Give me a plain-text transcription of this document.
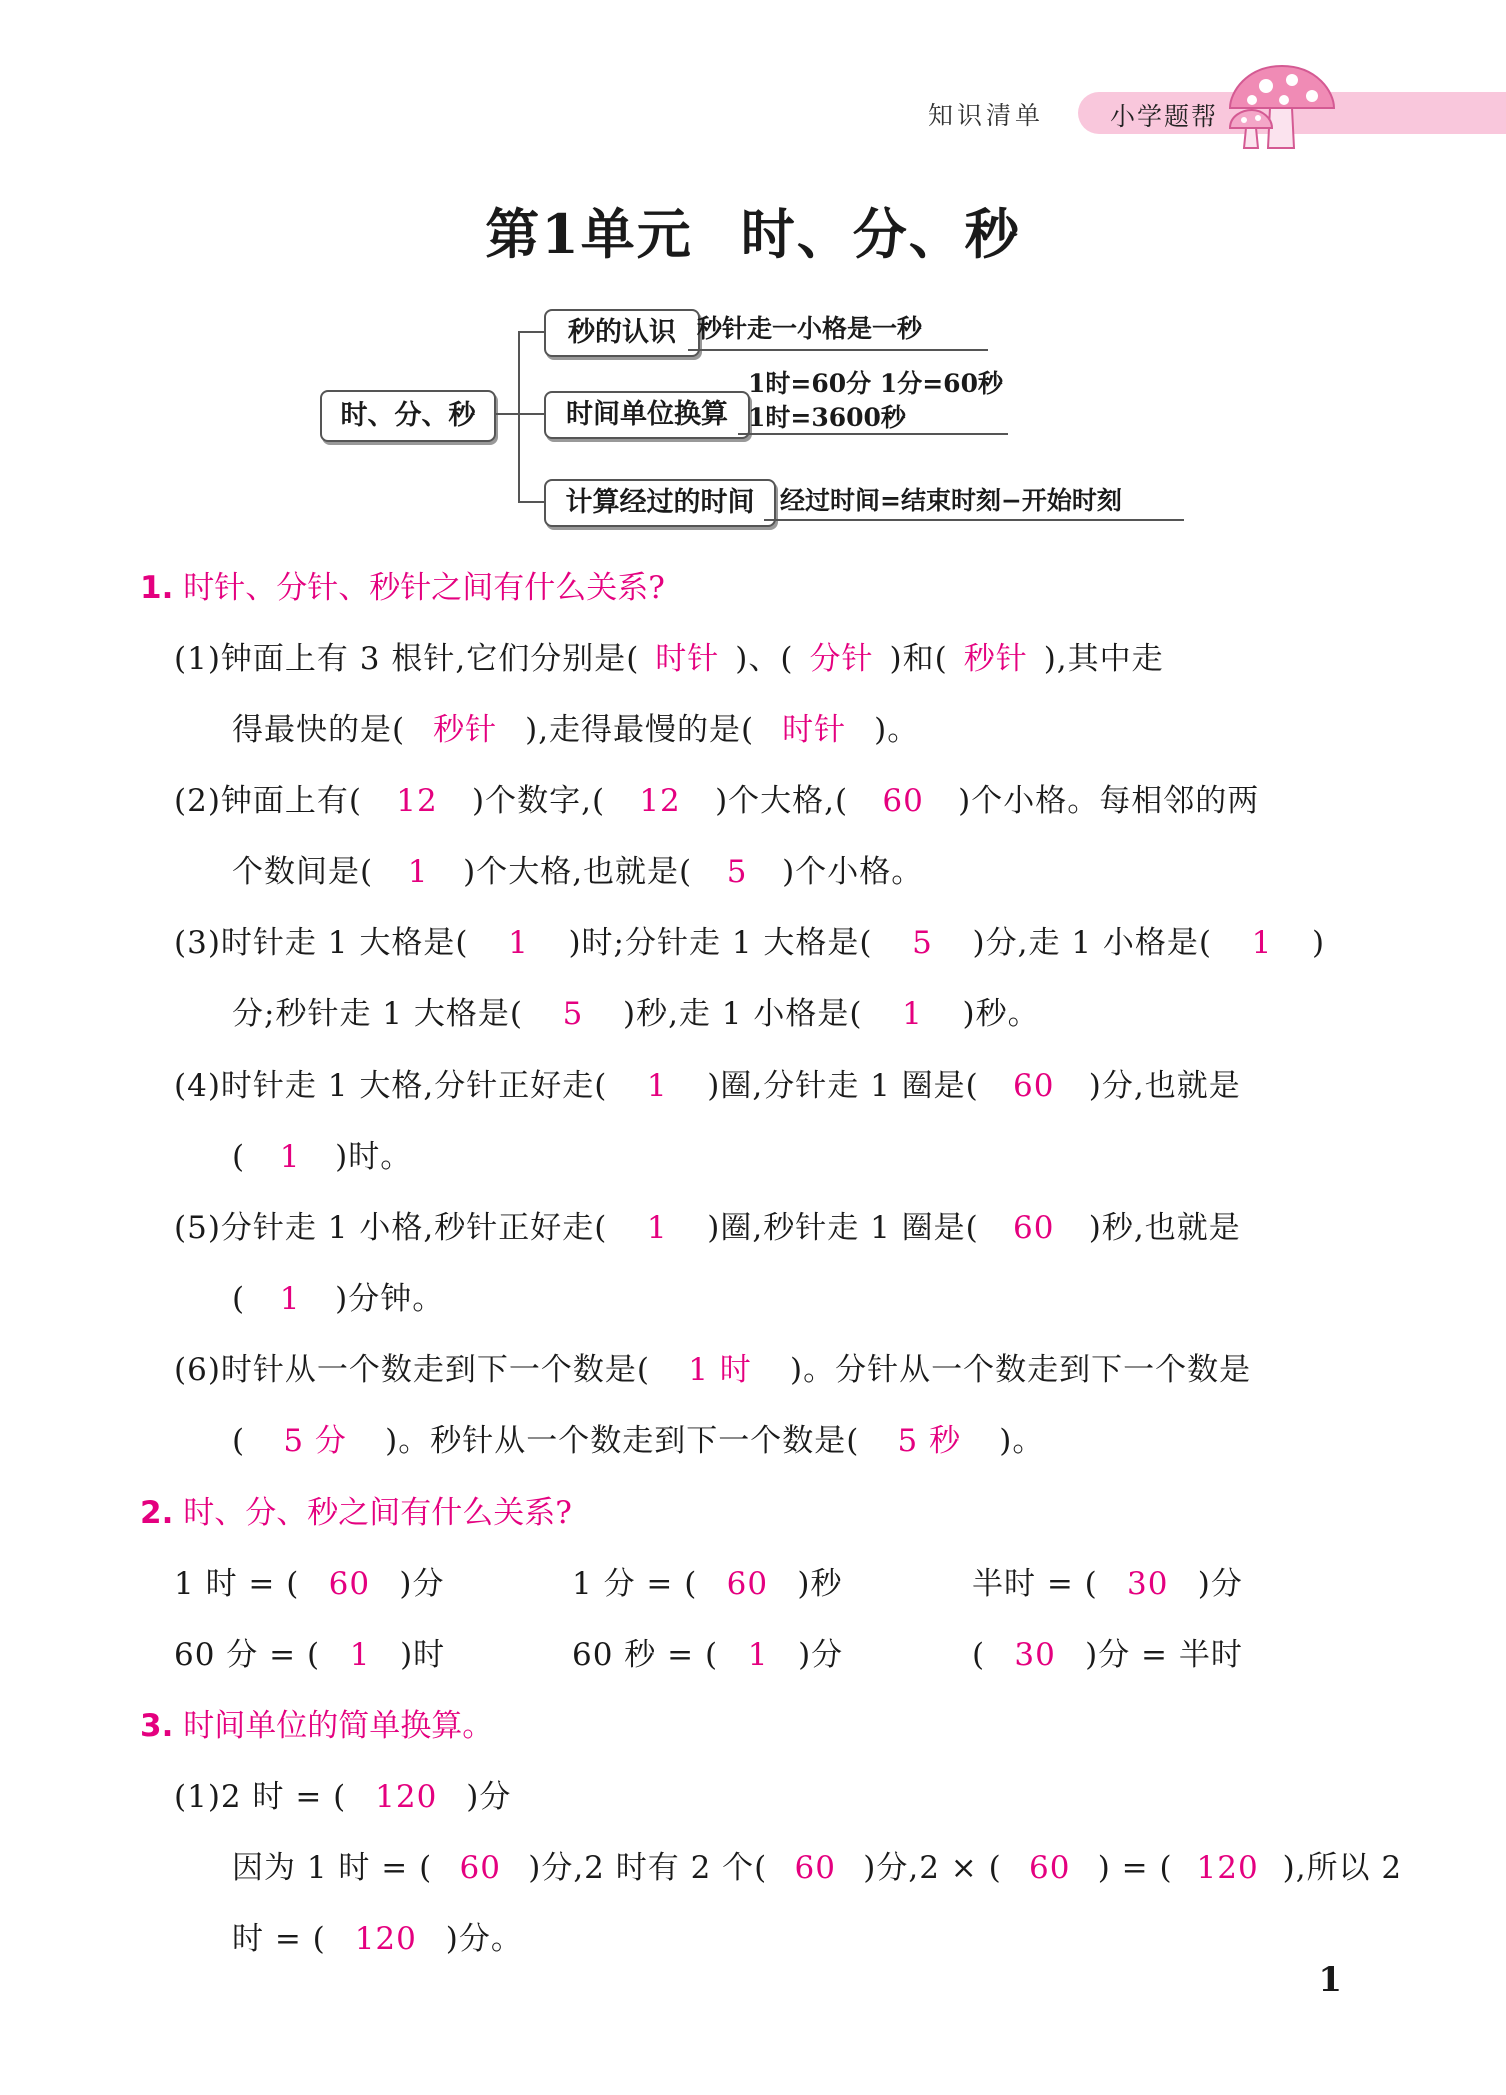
知识清单	小学题帮
第1单元 时、分、秒
时、分、秒
秒的认识 秒针走一小格是一秒
时间单位换算
1时=60分 1分=60秒
1时=3600秒
计算经过的时间	经过时间=结束时刻−开始时刻
1. 时针、分针、秒针之间有什么关系?
(1)钟面上有 3 根针,它们分别是( 时针 )、( 分针 )和( 秒针 ),其中走
得最快的是( 秒针 ),走得最慢的是( 时针 )。
(2)钟面上有( 12 )个数字,( 12 )个大格,( 60 )个小格。每相邻的两
个数间是( 1 )个大格,也就是( 5 )个小格。
(3)时针走 1 大格是( 1 )时;分针走 1 大格是( 5 )分,走 1 小格是( 1 )
分;秒针走 1 大格是( 5 )秒,走 1 小格是( 1 )秒。
(4)时针走 1 大格,分针正好走( 1 )圈,分针走 1 圈是( 60 )分,也就是
( 1 )时。
(5)分针走 1 小格,秒针正好走( 1 )圈,秒针走 1 圈是( 60 )秒,也就是
( 1 )分钟。
(6)时针从一个数走到下一个数是( 1 时 )。分针从一个数走到下一个数是
( 5 分 )。秒针从一个数走到下一个数是( 5 秒 )。
2. 时、分、秒之间有什么关系?
1 时 = ( 60 )分	1 分 = ( 60 )秒	半时 = ( 30 )分
60 分 = ( 1 )时	60 秒 = ( 1 )分	( 30 )分 = 半时
3. 时间单位的简单换算。
(1)2 时 = ( 120 )分
因为 1 时 = ( 60 )分,2 时有 2 个( 60 )分,2 × ( 60 ) = ( 120 ),所以 2
时 = ( 120 )分。
1
